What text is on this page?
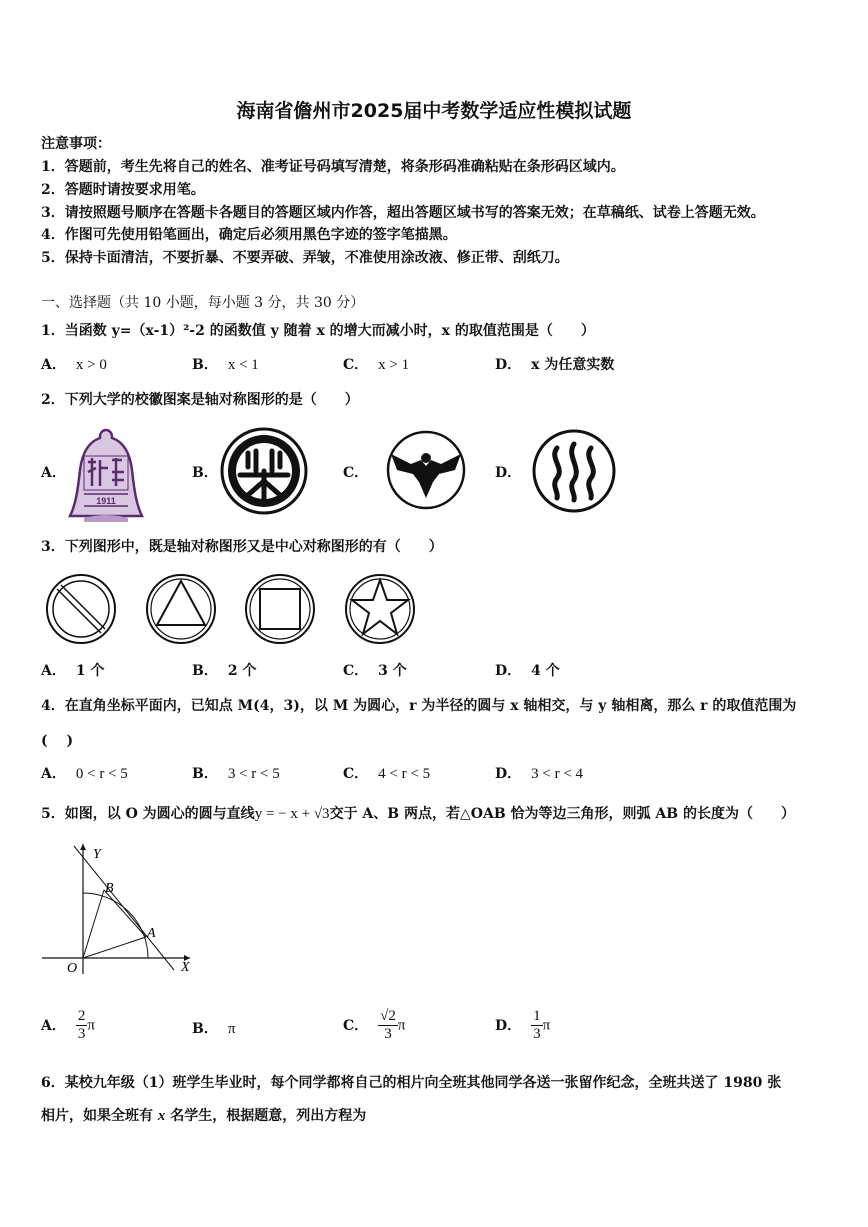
海南省儋州市2025届中考数学适应性模拟试题
注意事项：
1．答题前，考生先将自己的姓名、准考证号码填写清楚，将条形码准确粘贴在条形码区域内。
2．答题时请按要求用笔。
3．请按照题号顺序在答题卡各题目的答题区域内作答，超出答题区域书写的答案无效；在草稿纸、试卷上答题无效。
4．作图可先使用铅笔画出，确定后必须用黑色字迹的签字笔描黑。
5．保持卡面清洁，不要折暴、不要弄破、弄皱，不准使用涂改液、修正带、刮纸刀。
一、选择题（共 10 小题，每小题 3 分，共 30 分）
1．当函数 y=（x-1）²-2 的函数值 y 随着 x 的增大而减小时，x 的取值范围是（　　）
A． x > 0	B． x < 1	C． x > 1	D． x 为任意实数
2．下列大学的校徽图案是轴对称图形的是（　　）
A．	B．	C．	D．
1911
3．下列图形中，既是轴对称图形又是中心对称图形的有（　　）
A． 1 个	B． 2 个	C． 3 个	D． 4 个
4．在直角坐标平面内，已知点 M(4，3)，以 M 为圆心，r 为半径的圆与 x 轴相交，与 y 轴相离，那么 r 的取值范围为
(　 )
A． 0 < r < 5	B． 3 < r < 5	C． 4 < r < 5	D． 3 < r < 4
5．如图，以 O 为圆心的圆与直线y = − x + √3交于 A、B 两点，若△OAB 恰为等边三角形，则弧 AB 的长度为（　　）
Y
X
O
A
B
A． $\frac{2}{3}$ π	B． π	C． $\frac{√2}{3}$ π	D． $\frac{1}{3}$ π
6．某校九年级（1）班学生毕业时，每个同学都将自己的相片向全班其他同学各送一张留作纪念，全班共送了 1980 张
相片，如果全班有 x 名学生，根据题意，列出方程为
